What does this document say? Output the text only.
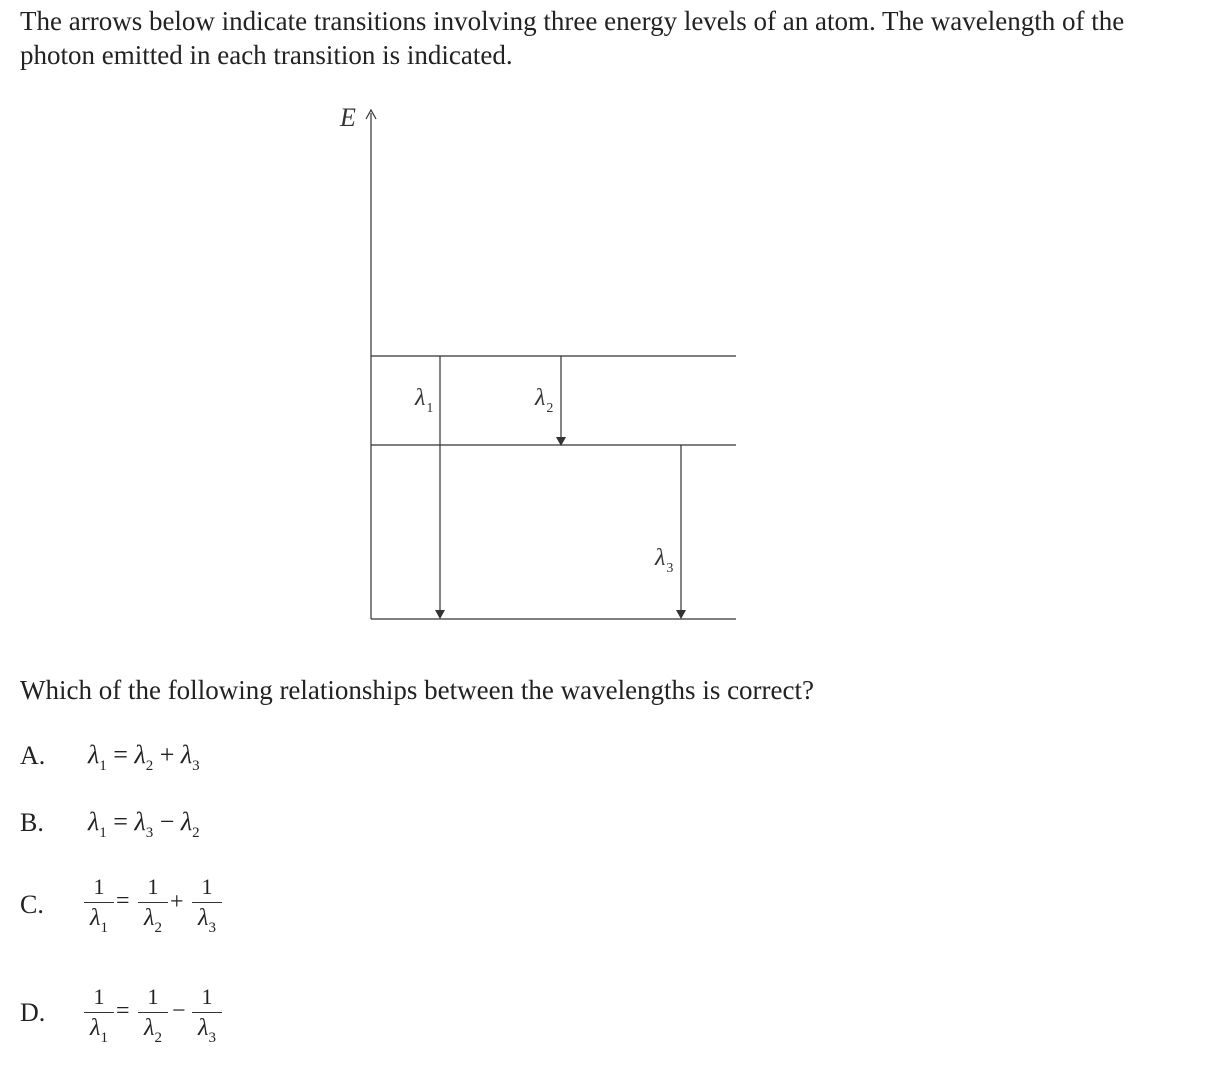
The arrows below indicate transitions involving three energy levels of an atom. The wavelength of the photon emitted in each transition is indicated.
E
$\lambda_1$	$\lambda_2$
$\lambda_3$
Which of the following relationships between the wavelengths is correct?
A. $\lambda_1 = \lambda_2 + \lambda_3$
B. $\lambda_1 = \lambda_3 - \lambda_2$
C. $\frac{1}{\lambda_1} = \frac{1}{\lambda_2} + \frac{1}{\lambda_3}$
D. $\frac{1}{\lambda_1} = \frac{1}{\lambda_2} - \frac{1}{\lambda_3}$
